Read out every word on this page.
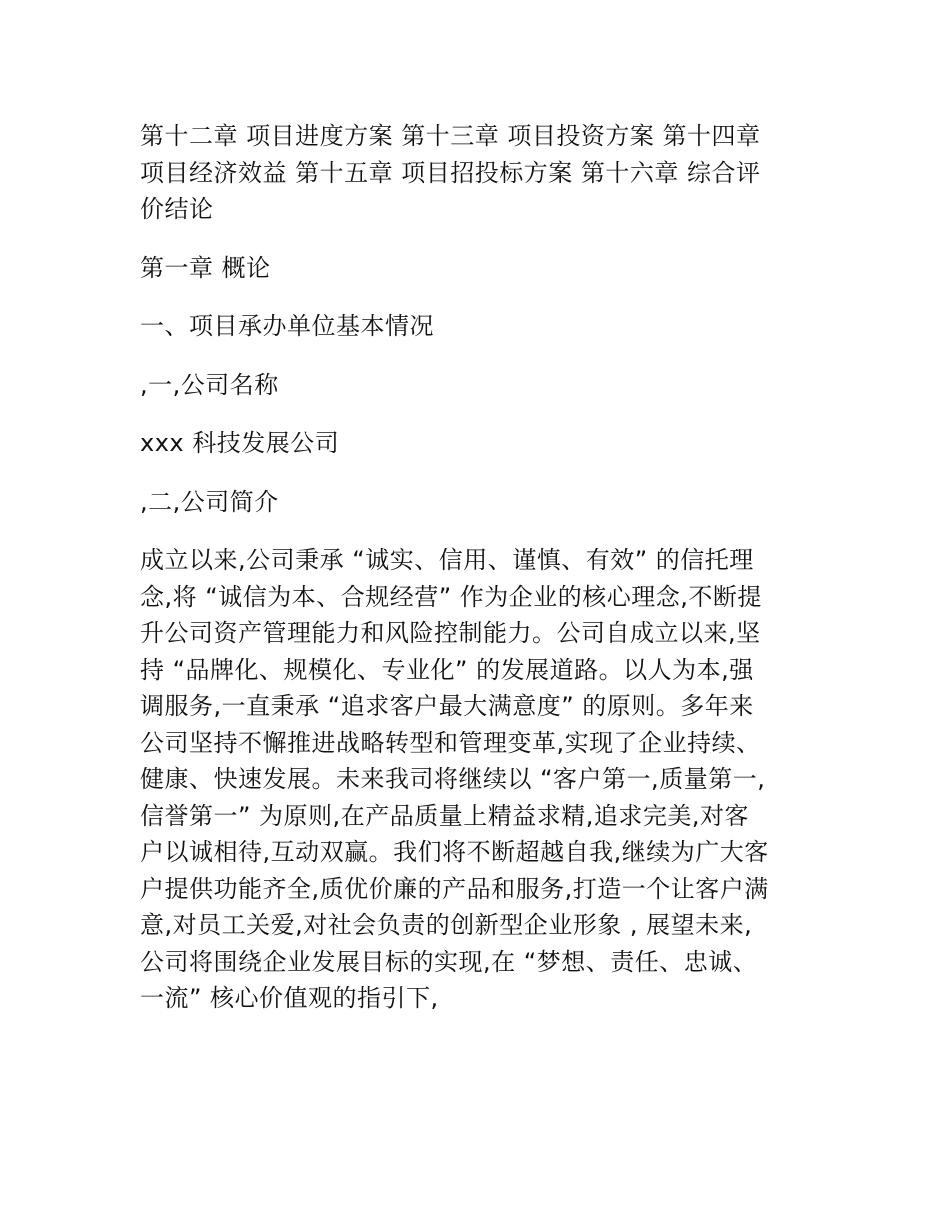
第十二章 项目进度方案 第十三章 项目投资方案 第十四章
项目经济效益 第十五章 项目招投标方案 第十六章 综合评
价结论
第一章 概论
一、项目承办单位基本情况
,一,公司名称
xxx 科技发展公司
,二,公司简介
成立以来,公司秉承 “诚实、信用、谨慎、有效” 的信托理
念,将 “诚信为本、合规经营” 作为企业的核心理念,不断提
升公司资产管理能力和风险控制能力。公司自成立以来,坚
持 “品牌化、规模化、专业化” 的发展道路。以人为本,强
调服务,一直秉承 “追求客户最大满意度” 的原则。多年来
公司坚持不懈推进战略转型和管理变革,实现了企业持续、
健康、快速发展。未来我司将继续以 “客户第一,质量第一,
信誉第一” 为原则,在产品质量上精益求精,追求完美,对客
户以诚相待,互动双赢。我们将不断超越自我,继续为广大客
户提供功能齐全,质优价廉的产品和服务,打造一个让客户满
意,对员工关爱,对社会负责的创新型企业形象 , 展望未来,
公司将围绕企业发展目标的实现,在 “梦想、责任、忠诚、
一流” 核心价值观的指引下,
